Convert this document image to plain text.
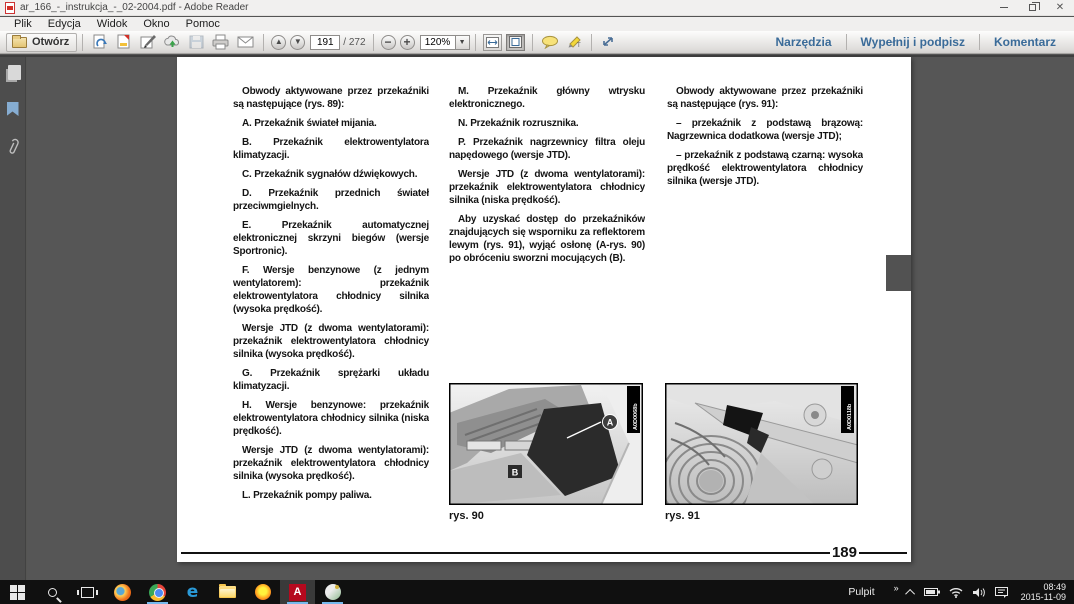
ar_166_-_instrukcja_-_02-2004.pdf - Adobe Reader	✕
Plik	Edycja	Widok	Okno	Pomoc
Otwórz	▲ ▼
191	/ 272 − +	120%	▼
T	Narzędzia	Wypełnij i podpisz	Komentarz

Obwody aktywowane przez przekaźniki są następujące (rys. 89):

A. Przekaźnik świateł mijania.

B. Przekaźnik elektrowentylatora klimatyzacji.

C. Przekaźnik sygnałów dźwiękowych.

D. Przekaźnik przednich świateł przeciwmgielnych.

E. Przekaźnik automatycznej elektronicznej skrzyni biegów (wersje Sportronic).

F. Wersje benzynowe (z jednym wentylatorem): przekaźnik elektrowentylatora chłodnicy silnika (wysoka prędkość).

Wersje JTD (z dwoma wentylatorami): przekaźnik elektrowentylatora chłodnicy silnika (wysoka prędkość).

G. Przekaźnik sprężarki układu klimatyzacji.

H. Wersje benzynowe: przekaźnik elektrowentylatora chłodnicy silnika (niska prędkość).

Wersje JTD (z dwoma wentylatorami): przekaźnik elektrowentylatora chłodnicy silnika (wysoka prędkość).

L. Przekaźnik pompy paliwa.

M. Przekaźnik główny wtrysku elektronicznego.

N. Przekaźnik rozrusznika.

P. Przekaźnik nagrzewnicy filtra oleju napędowego (wersje JTD).

Wersje JTD (z dwoma wentylatorami): przekaźnik elektrowentylatora chłodnicy silnika (niska prędkość).

Aby uzyskać dostęp do przekaźników znajdujących się wsporniku za reflektorem lewym (rys. 91), wyjąć osłonę (A-rys. 90) po obróceniu sworzni mocujących (B).

Obwody aktywowane przez przekaźniki są następujące (rys. 91):

– przekaźnik z podstawą brązową: Nagrzewnica dodatkowa (wersje JTD);

– przekaźnik z podstawą czarną: wysoka prędkość elektrowentylatora chłodnicy silnika (wersje JTD).

A
B
A0D0068b	A0D0118b
rys. 90	rys. 91
189
e	A	Pulpit	»	08:49
2015-11-09
